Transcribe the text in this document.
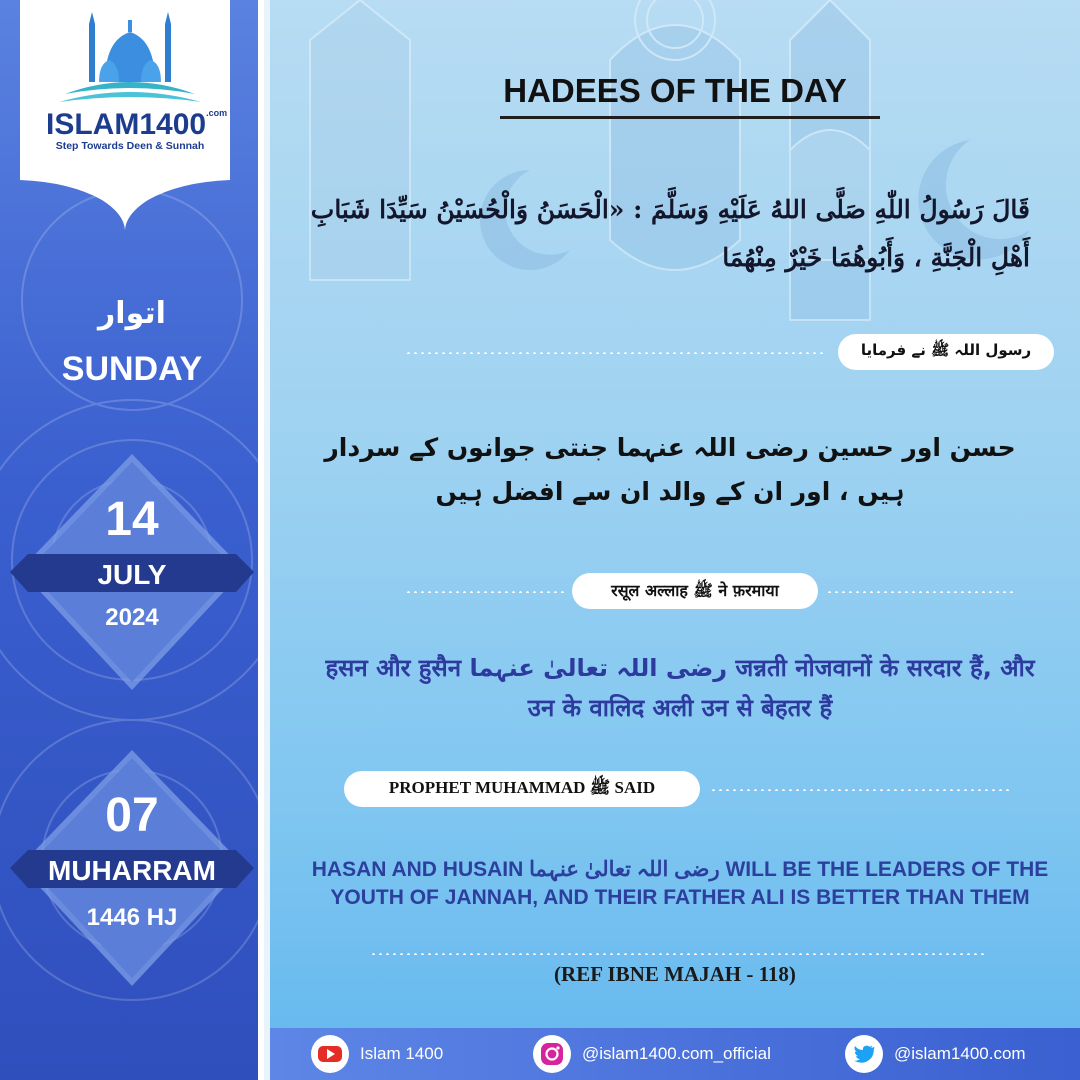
$ISLAM1400^{.com}$
Step Towards Deen & Sunnah
اتوار
SUNDAY
14
JULY
2024
07
MUHARRAM
1446 HJ
HADEES OF THE DAY
قَالَ رَسُولُ اللّٰهِ صَلَّى اللهُ عَلَيْهِ وَسَلَّمَ : «الْحَسَنُ وَالْحُسَيْنُ سَيِّدَا شَبَابِ
أَهْلِ الْجَنَّةِ ، وَأَبُوهُمَا خَيْرٌ مِنْهُمَا
رسول اللہ ﷺ نے فرمایا
حسن اور حسین رضی اللہ عنہما جنتی جوانوں کے سردار ہیں ، اور ان کے والد ان سے افضل ہیں
रसूल अल्लाह ﷺ ने फ़रमाया
हसन और हुसैन رضی اللہ تعالیٰ عنہما जन्नती नोजवानों के सरदार हैं, और उन के वालिद अली उन से बेहतर हैं
PROPHET MUHAMMAD ﷺ SAID
HASAN AND HUSAIN رضی اللہ تعالیٰ عنہما WILL BE THE LEADERS OF THE
YOUTH OF JANNAH, AND THEIR FATHER ALI IS BETTER THAN THEM
(REF IBNE MAJAH - 118)
Islam 1400	@islam1400.com_official	@islam1400.com
